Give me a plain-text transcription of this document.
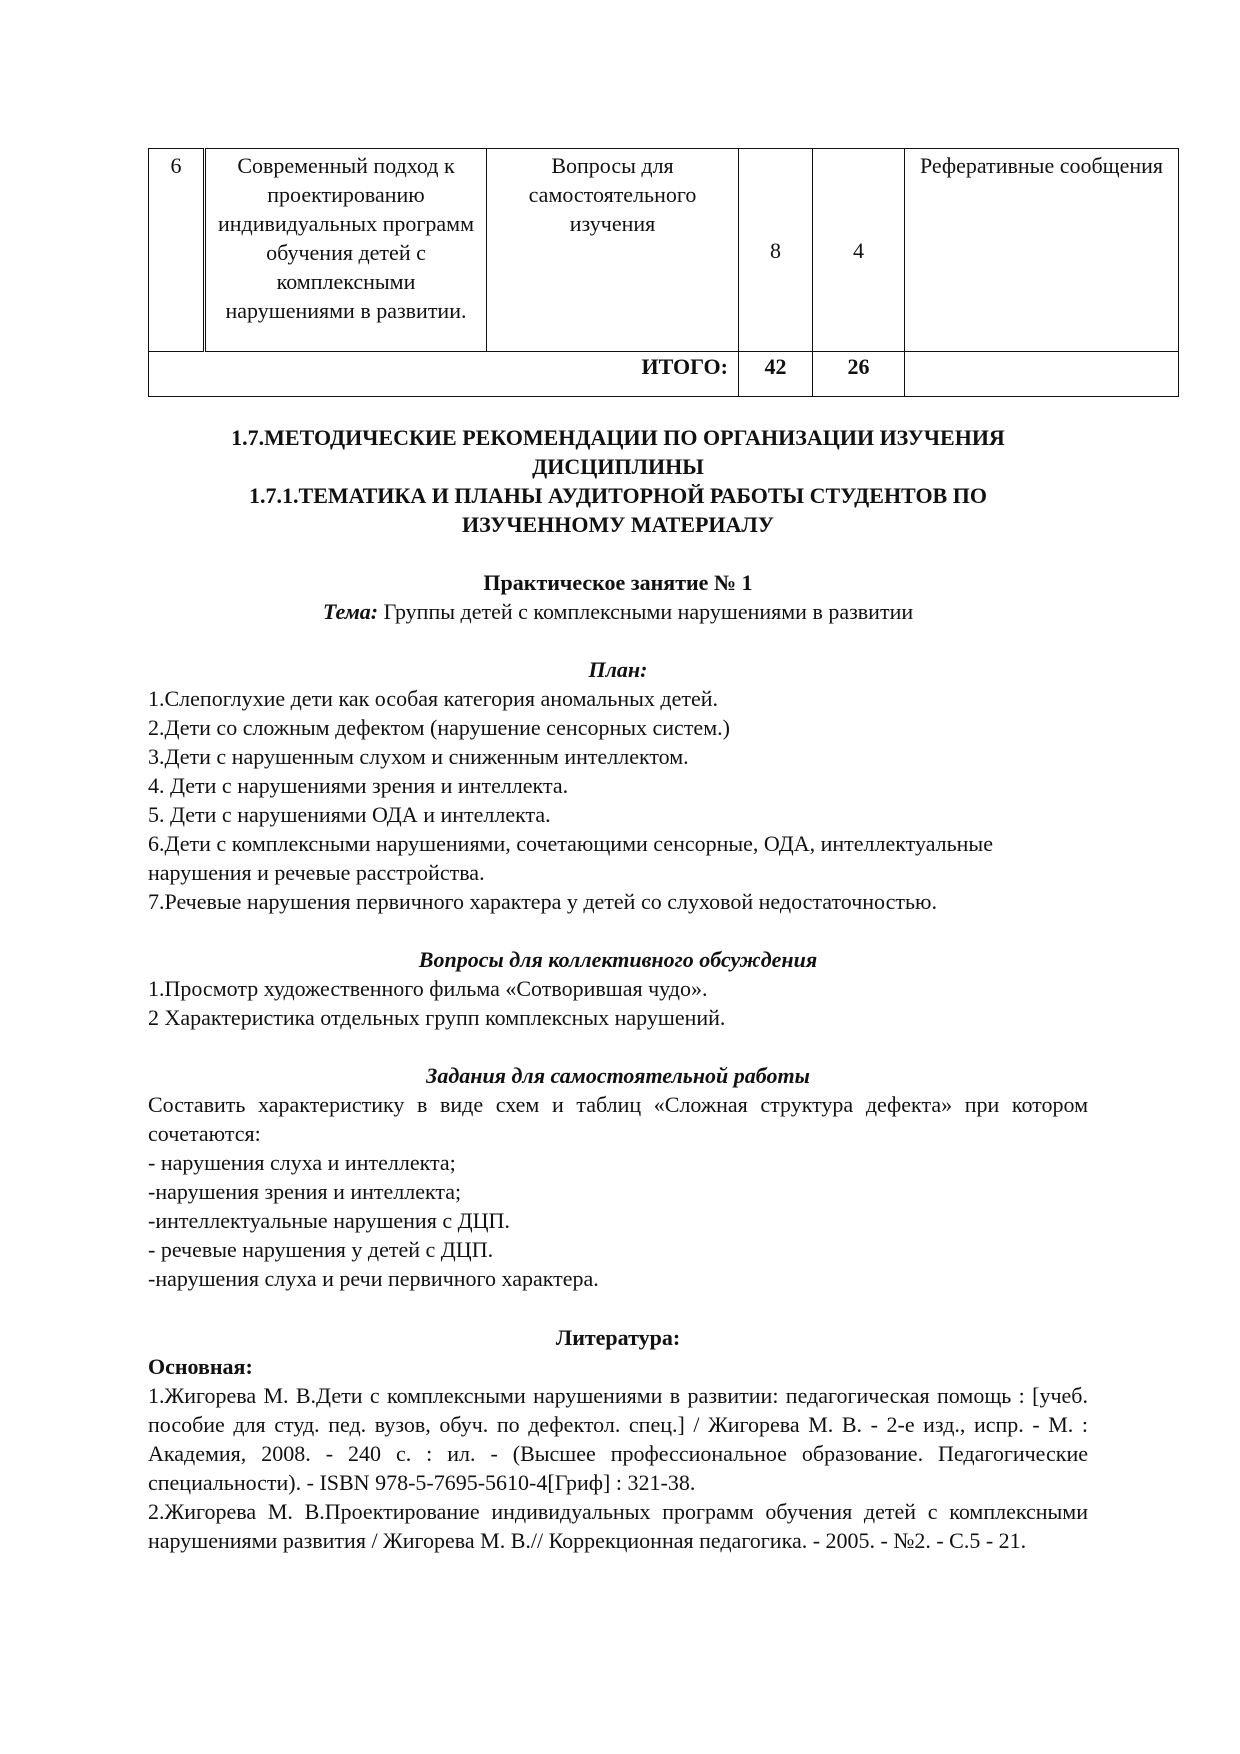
6	Современный подход к проектированию индивидуальных программ обучения детей с комплексными нарушениями в развитии.	Вопросы для самостоятельного изучения	8	4	Реферативные сообщения
ИТОГО:			42	26	
1.7.МЕТОДИЧЕСКИЕ РЕКОМЕНДАЦИИ ПО ОРГАНИЗАЦИИ ИЗУЧЕНИЯ
ДИСЦИПЛИНЫ
1.7.1.ТЕМАТИКА И ПЛАНЫ АУДИТОРНОЙ РАБОТЫ СТУДЕНТОВ ПО
ИЗУЧЕННОМУ МАТЕРИАЛУ
Практическое занятие № 1
Тема: Группы детей с комплексными нарушениями в развитии
План:
1.Слепоглухие дети как особая категория аномальных детей.
2.Дети со сложным дефектом (нарушение сенсорных систем.)
3.Дети с нарушенным слухом и сниженным интеллектом.
4. Дети с нарушениями зрения и интеллекта.
5. Дети с нарушениями ОДА и интеллекта.
6.Дети с комплексными нарушениями, сочетающими сенсорные, ОДА, интеллектуальные нарушения и речевые расстройства.
7.Речевые нарушения первичного характера у детей со слуховой недостаточностью.
Вопросы для коллективного обсуждения
1.Просмотр художественного фильма «Сотворившая чудо».
2 Характеристика отдельных групп комплексных нарушений.
Задания для самостоятельной работы
Составить характеристику в виде схем и таблиц «Сложная структура дефекта» при котором сочетаются:
- нарушения слуха и интеллекта;
-нарушения зрения и интеллекта;
-интеллектуальные нарушения с ДЦП.
- речевые нарушения у детей с ДЦП.
-нарушения слуха и речи первичного характера.
Литература:
Основная:
1.Жигорева М. В.Дети с комплексными нарушениями в развитии: педагогическая помощь : [учеб. пособие для студ. пед. вузов, обуч. по дефектол. спец.] / Жигорева М. В. - 2-е изд., испр. - М. : Академия, 2008. - 240 с. : ил. - (Высшее профессиональное образование. Педагогические специальности). - ISBN 978-5-7695-5610-4[Гриф] : 321-38.
2.Жигорева М. В.Проектирование индивидуальных программ обучения детей с комплексными нарушениями развития / Жигорева М. В.// Коррекционная педагогика. - 2005. - №2. - С.5 - 21.
